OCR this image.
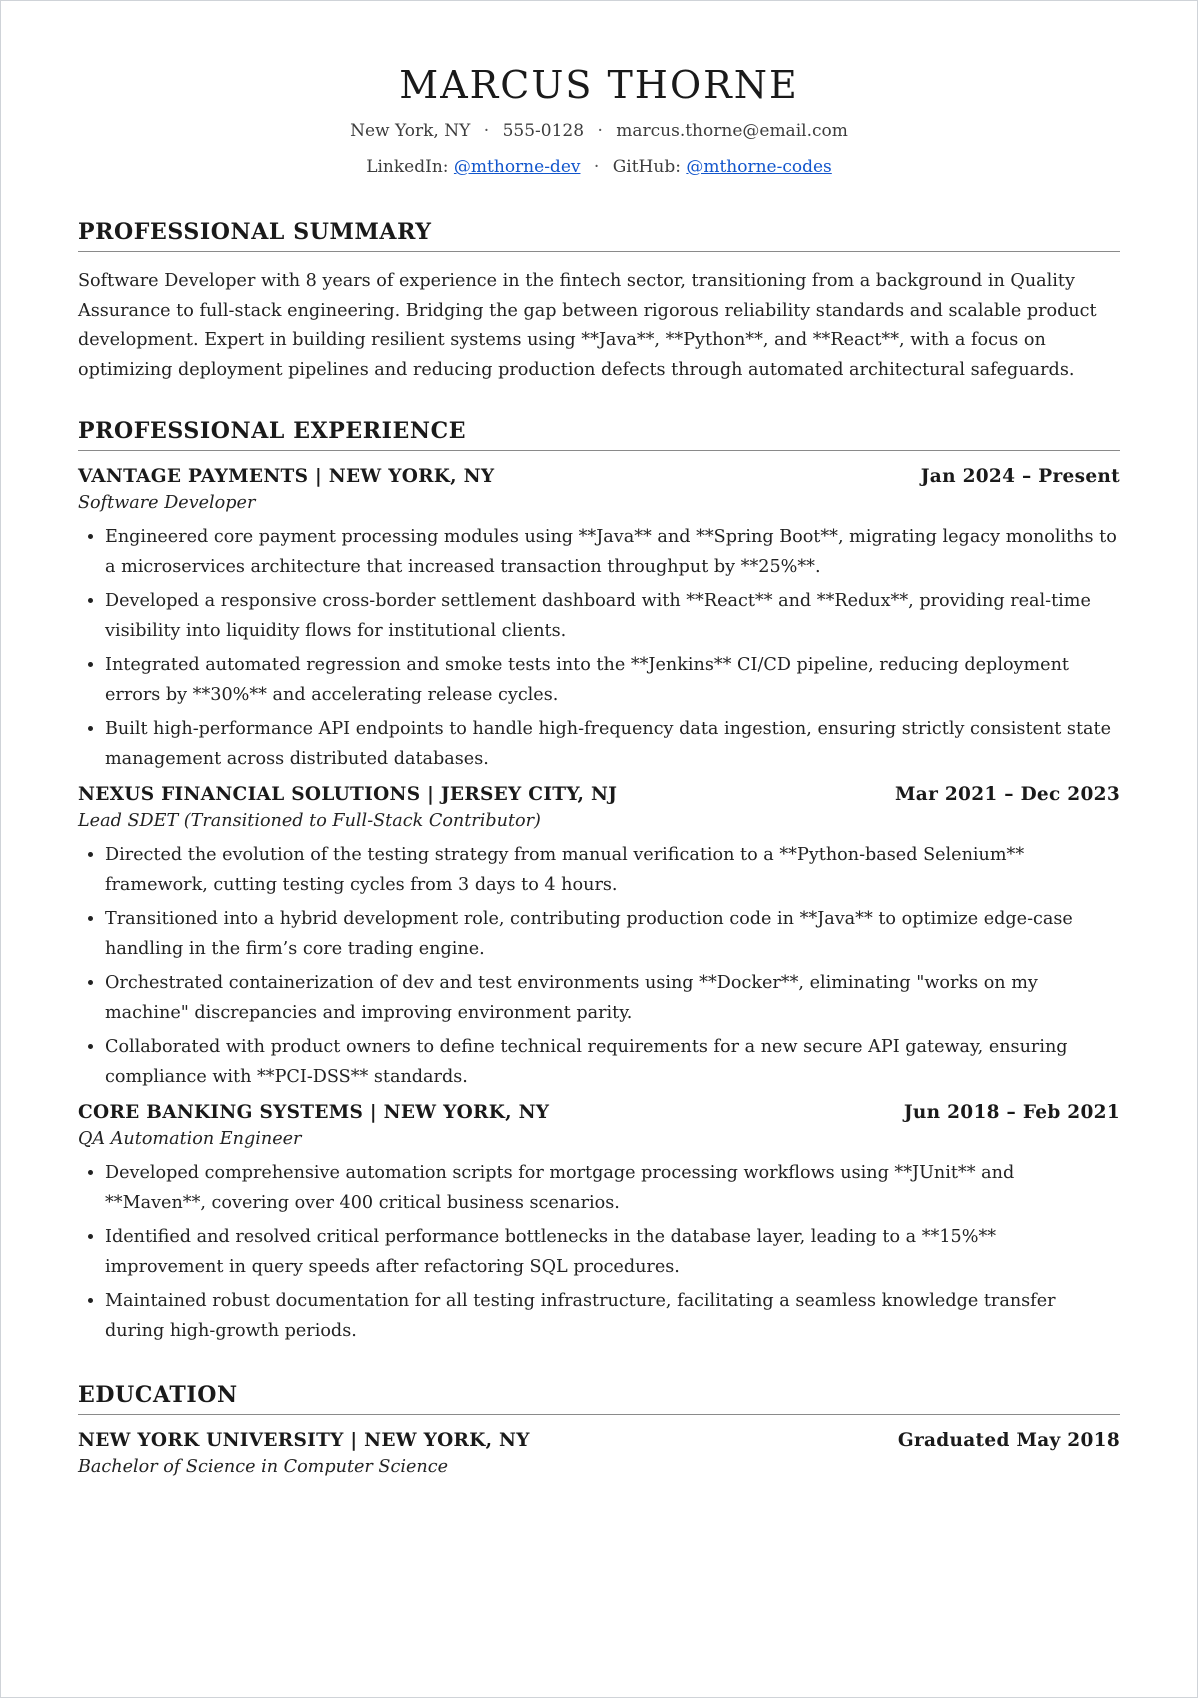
MARCUS THORNE
New York, NY · 555-0128 · marcus.thorne@email.com
LinkedIn: @mthorne-dev · GitHub: @mthorne-codes
PROFESSIONAL SUMMARY
Software Developer with 8 years of experience in the fintech sector, transitioning from a background in Quality Assurance to full-stack engineering. Bridging the gap between rigorous reliability standards and scalable product development. Expert in building resilient systems using **Java**, **Python**, and **React**, with a focus on optimizing deployment pipelines and reducing production defects through automated architectural safeguards.
PROFESSIONAL EXPERIENCE
VANTAGE PAYMENTS | NEW YORK, NY	Jan 2024 – Present
Software Developer
• Engineered core payment processing modules using **Java** and **Spring Boot**, migrating legacy monoliths to a microservices architecture that increased transaction throughput by **25%**.
• Developed a responsive cross-border settlement dashboard with **React** and **Redux**, providing real-time visibility into liquidity flows for institutional clients.
• Integrated automated regression and smoke tests into the **Jenkins** CI/CD pipeline, reducing deployment errors by **30%** and accelerating release cycles.
• Built high-performance API endpoints to handle high-frequency data ingestion, ensuring strictly consistent state management across distributed databases.
NEXUS FINANCIAL SOLUTIONS | JERSEY CITY, NJ	Mar 2021 – Dec 2023
Lead SDET (Transitioned to Full-Stack Contributor)
• Directed the evolution of the testing strategy from manual verification to a **Python-based Selenium** framework, cutting testing cycles from 3 days to 4 hours.
• Transitioned into a hybrid development role, contributing production code in **Java** to optimize edge-case handling in the firm’s core trading engine.
• Orchestrated containerization of dev and test environments using **Docker**, eliminating "works on my machine" discrepancies and improving environment parity.
• Collaborated with product owners to define technical requirements for a new secure API gateway, ensuring compliance with **PCI-DSS** standards.
CORE BANKING SYSTEMS | NEW YORK, NY	Jun 2018 – Feb 2021
QA Automation Engineer
• Developed comprehensive automation scripts for mortgage processing workflows using **JUnit** and **Maven**, covering over 400 critical business scenarios.
• Identified and resolved critical performance bottlenecks in the database layer, leading to a **15%** improvement in query speeds after refactoring SQL procedures.
• Maintained robust documentation for all testing infrastructure, facilitating a seamless knowledge transfer during high-growth periods.
EDUCATION
NEW YORK UNIVERSITY | NEW YORK, NY	Graduated May 2018
Bachelor of Science in Computer Science
